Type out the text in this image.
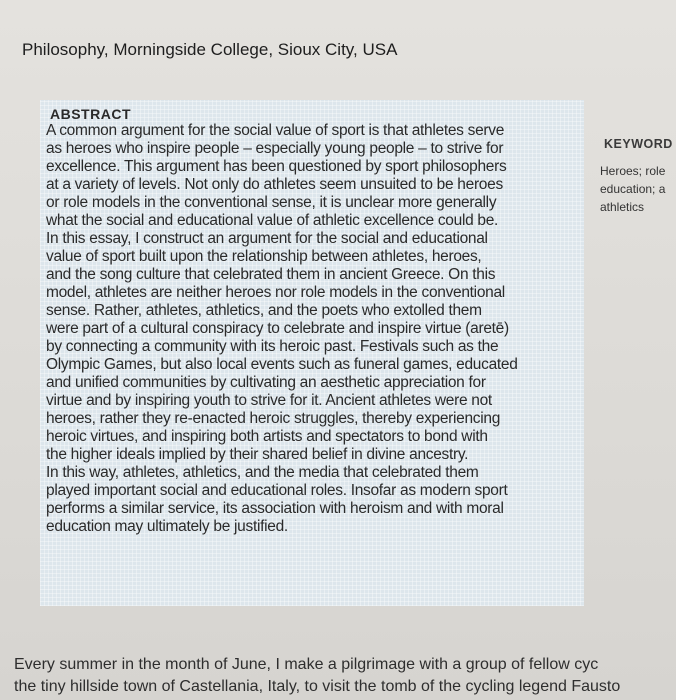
Philosophy, Morningside College, Sioux City, USA
ABSTRACT
A common argument for the social value of sport is that athletes serve
as heroes who inspire people – especially young people – to strive for
excellence. This argument has been questioned by sport philosophers
at a variety of levels. Not only do athletes seem unsuited to be heroes
or role models in the conventional sense, it is unclear more generally
what the social and educational value of athletic excellence could be.
In this essay, I construct an argument for the social and educational
value of sport built upon the relationship between athletes, heroes,
and the song culture that celebrated them in ancient Greece. On this
model, athletes are neither heroes nor role models in the conventional
sense. Rather, athletes, athletics, and the poets who extolled them
were part of a cultural conspiracy to celebrate and inspire virtue (aretē)
by connecting a community with its heroic past. Festivals such as the
Olympic Games, but also local events such as funeral games, educated
and unified communities by cultivating an aesthetic appreciation for
virtue and by inspiring youth to strive for it. Ancient athletes were not
heroes, rather they re-enacted heroic struggles, thereby experiencing
heroic virtues, and inspiring both artists and spectators to bond with
the higher ideals implied by their shared belief in divine ancestry.
In this way, athletes, athletics, and the media that celebrated them
played important social and educational roles. Insofar as modern sport
performs a similar service, its association with heroism and with moral
education may ultimately be justified.
KEYWORD
Heroes; role
education; a
athletics
Every summer in the month of June, I make a pilgrimage with a group of fellow cyc
the tiny hillside town of Castellania, Italy, to visit the tomb of the cycling legend Fausto
